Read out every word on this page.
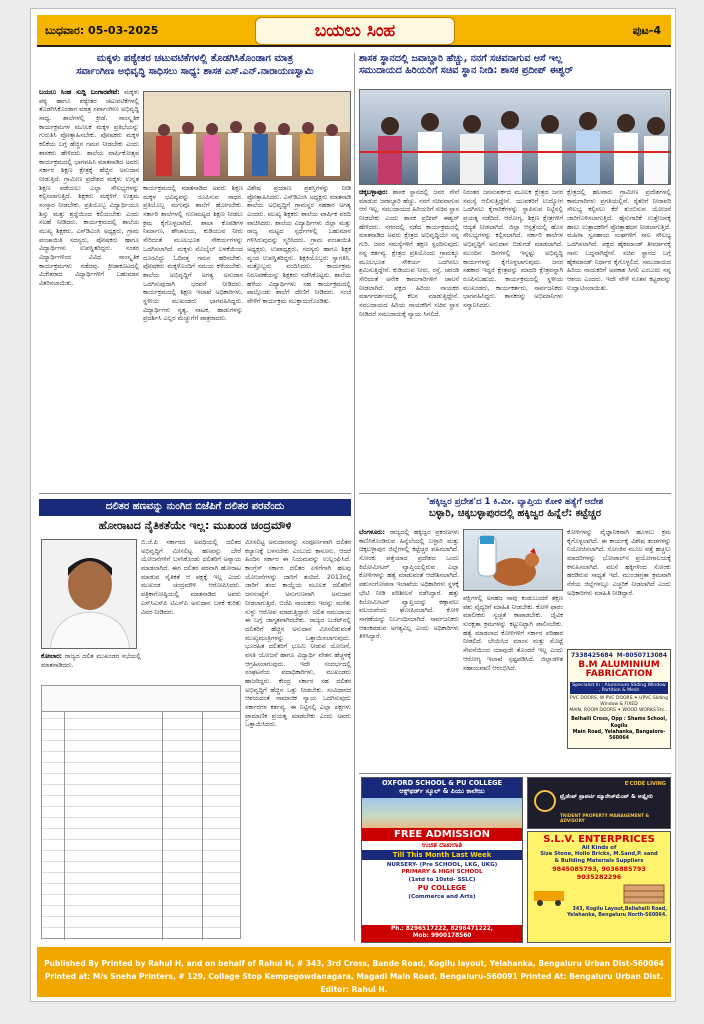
ಬುಧವಾರ: 05-03-2025	ಬಯಲು ಸಿಂಹ	ಪುಟ-4
ಮಕ್ಕಳು ಪಠ್ಯೇತರ ಚಟುವಟಿಕೆಗಳಲ್ಲಿ ತೊಡಗಿಸಿಕೊಂಡಾಗ ಮಾತ್ರ
ಸರ್ವಾಂಗೀಣ ಅಭಿವೃದ್ಧಿ ಸಾಧಿಸಲು ಸಾಧ್ಯ: ಶಾಸಕ ಎಸ್.ಎನ್.ನಾರಾಯಣಸ್ವಾಮಿ
ಬಯಲು ಸಿಂಹ ಸುದ್ದಿ ಬಂಗಾರಪೇಟೆ: ಮಕ್ಕಳು ಪಠ್ಯ ಹಾಗೂ ಪಠ್ಯೇತರ ಚಟುವಟಿಕೆಗಳಲ್ಲಿ ತೊಡಗಿಸಿಕೊಂಡಾಗ ಮಾತ್ರ ಸರ್ವಾಂಗೀಣ ಅಭಿವೃದ್ಧಿ ಸಾಧ್ಯ. ಶಾಲೆಗಳಲ್ಲಿ ಕ್ರೀಡೆ, ಸಾಂಸ್ಕೃತಿಕ ಕಾರ್ಯಕ್ರಮಗಳ ಮೂಲಕ ಮಕ್ಕಳ ಪ್ರತಿಭೆಯನ್ನು ಗುರುತಿಸಿ ಪ್ರೋತ್ಸಾಹಿಸಬೇಕು. ಪೋಷಕರು ಮಕ್ಕಳ ಕಲಿಕೆಯ ಬಗ್ಗೆ ಹೆಚ್ಚಿನ ಗಮನ ನೀಡಬೇಕು ಎಂದು ಶಾಸಕರು ಹೇಳಿದರು. ಶಾಲೆಯ ವಾರ್ಷಿಕೋತ್ಸವ ಕಾರ್ಯಕ್ರಮದಲ್ಲಿ ಭಾಗವಹಿಸಿ ಮಾತನಾಡಿದ ಅವರು ಸರ್ಕಾರ ಶಿಕ್ಷಣ ಕ್ಷೇತ್ರಕ್ಕೆ ಹೆಚ್ಚಿನ ಅನುದಾನ ನೀಡುತ್ತಿದೆ. ಗ್ರಾಮೀಣ ಪ್ರದೇಶದ ಮಕ್ಕಳು ಉನ್ನತ ಶಿಕ್ಷಣ ಪಡೆಯಲು ಎಲ್ಲಾ ಸೌಲಭ್ಯಗಳನ್ನು ಕಲ್ಪಿಸಲಾಗುತ್ತಿದೆ. ಶಿಕ್ಷಕರು ಮಕ್ಕಳಿಗೆ ಉತ್ತಮ ಸಂಸ್ಕಾರ ನೀಡಬೇಕು. ಪ್ರತಿಯೊಬ್ಬ ವಿದ್ಯಾರ್ಥಿಯೂ ಶಿಸ್ತು ಮತ್ತು ಶ್ರದ್ಧೆಯಿಂದ ಕಲಿಯಬೇಕು ಎಂದು ಸಲಹೆ ನೀಡಿದರು. ಕಾರ್ಯಕ್ರಮದಲ್ಲಿ ಶಾಲೆಯ ಮುಖ್ಯ ಶಿಕ್ಷಕರು, ಎಸ್‌ಡಿಎಂಸಿ ಅಧ್ಯಕ್ಷರು, ಗ್ರಾಮ ಪಂಚಾಯಿತಿ ಸದಸ್ಯರು, ಪೋಷಕರು ಹಾಗೂ ವಿದ್ಯಾರ್ಥಿಗಳು ಉಪಸ್ಥಿತರಿದ್ದರು. ನಂತರ ವಿದ್ಯಾರ್ಥಿಗಳಿಂದ ವಿವಿಧ ಸಾಂಸ್ಕೃತಿಕ ಕಾರ್ಯಕ್ರಮಗಳು ನಡೆದವು. ಕ್ರೀಡಾಕೂಟದಲ್ಲಿ ವಿಜೇತರಾದ ವಿದ್ಯಾರ್ಥಿಗಳಿಗೆ ಬಹುಮಾನ ವಿತರಿಸಲಾಯಿತು.
ಕಾರ್ಯಕ್ರಮದಲ್ಲಿ ಮಾತನಾಡಿದ ಅವರು ಶಿಕ್ಷಣ ಮಕ್ಕಳ ಭವಿಷ್ಯವನ್ನು ರೂಪಿಸುವ ಸಾಧನ. ಪ್ರತಿಯೊಬ್ಬ ಮಗುವೂ ಶಾಲೆಗೆ ಹೋಗಬೇಕು. ಸರ್ಕಾರಿ ಶಾಲೆಗಳಲ್ಲಿ ಗುಣಮಟ್ಟದ ಶಿಕ್ಷಣ ನೀಡಲು ಕ್ರಮ ಕೈಗೊಳ್ಳಲಾಗಿದೆ. ಶಾಲಾ ಕೊಠಡಿಗಳ ನಿರ್ಮಾಣ, ಶೌಚಾಲಯ, ಕುಡಿಯುವ ನೀರು ಸೇರಿದಂತೆ ಮೂಲಭೂತ ಸೌಕರ್ಯಗಳನ್ನು ಒದಗಿಸಲಾಗಿದೆ. ಮಕ್ಕಳು ಮೊಬೈಲ್ ಬಳಕೆಯಿಂದ ದೂರವಿದ್ದು ಓದಿನತ್ತ ಗಮನ ಹರಿಸಬೇಕು. ಪೋಷಕರು ಮಕ್ಕಳೊಂದಿಗೆ ಸಮಯ ಕಳೆಯಬೇಕು. ಶಾಲೆಯ ಅಭಿವೃದ್ಧಿಗೆ ಅಗತ್ಯ ಅನುದಾನ ಒದಗಿಸುವುದಾಗಿ ಭರವಸೆ ನೀಡಿದರು. ಕಾರ್ಯಕ್ರಮದಲ್ಲಿ ಶಿಕ್ಷಣ ಇಲಾಖೆ ಅಧಿಕಾರಿಗಳು, ಸ್ಥಳೀಯ ಮುಖಂಡರು ಭಾಗವಹಿಸಿದ್ದರು. ವಿದ್ಯಾರ್ಥಿಗಳು ನೃತ್ಯ, ನಾಟಕ, ಹಾಡುಗಳನ್ನು ಪ್ರದರ್ಶಿಸಿ ಎಲ್ಲರ ಮೆಚ್ಚುಗೆಗೆ ಪಾತ್ರರಾದರು.
ವಿಶೇಷ ಪ್ರಯಾಣ ಪ್ರಶಸ್ತಿಗಳನ್ನು ನೀಡಿ ಪ್ರೋತ್ಸಾಹಿಸಿದರು. ಎಸ್‌ಡಿಎಂಸಿ ಅಧ್ಯಕ್ಷರು ಮಾತನಾಡಿ ಶಾಲೆಯ ಅಭಿವೃದ್ಧಿಗೆ ಗ್ರಾಮಸ್ಥರ ಸಹಕಾರ ಅಗತ್ಯ ಎಂದರು. ಮುಖ್ಯ ಶಿಕ್ಷಕರು ಶಾಲೆಯ ವಾರ್ಷಿಕ ವರದಿ ವಾಚಿಸಿದರು. ಶಾಲೆಯ ವಿದ್ಯಾರ್ಥಿಗಳು ಜಿಲ್ಲಾ ಮತ್ತು ರಾಜ್ಯ ಮಟ್ಟದ ಸ್ಪರ್ಧೆಗಳಲ್ಲಿ ಬಹುಮಾನ ಗಳಿಸಿರುವುದನ್ನು ಸ್ಮರಿಸಿದರು. ಗ್ರಾಮ ಪಂಚಾಯಿತಿ ಅಧ್ಯಕ್ಷರು, ಉಪಾಧ್ಯಕ್ಷರು, ಸದಸ್ಯರು ಹಾಗೂ ಶಿಕ್ಷಕ ವೃಂದ ಉಪಸ್ಥಿತರಿದ್ದರು. ಶಿಕ್ಷಕಿಯೊಬ್ಬರು ಸ್ವಾಗತಿಸಿ, ಮತ್ತೊಬ್ಬರು ವಂದಿಸಿದರು. ಕಾರ್ಯಕ್ರಮ ನಿರೂಪಣೆಯನ್ನು ಶಿಕ್ಷಕರು ನಡೆಸಿಕೊಟ್ಟರು. ಶಾಲೆಯ ಹಳೆಯ ವಿದ್ಯಾರ್ಥಿಗಳು ಸಹ ಕಾರ್ಯಕ್ರಮದಲ್ಲಿ ಪಾಲ್ಗೊಂಡು ಶಾಲೆಗೆ ದೇಣಿಗೆ ನೀಡಿದರು. ಸಂಜೆ ವೇಳೆಗೆ ಕಾರ್ಯಕ್ರಮ ಮುಕ್ತಾಯಗೊಂಡಿತು.
ದಲಿತರ ಹಣವನ್ನು ನುಂಗಿದ ಬಿಜೆಪಿಗೆ ದಲಿತರ ಪರವೆಂದು
ಹೋರಾಟದ ನೈತಿಕತೆಯೇ ಇಲ್ಲ: ಮುಖಂಡ ಚಂದ್ರಮೌಳಿ
ಬಿ.ಜೆ.ಪಿ ಸರ್ಕಾರದ ಅವಧಿಯಲ್ಲಿ ದಲಿತರ ಅಭಿವೃದ್ಧಿಗೆ ಮೀಸಲಿಟ್ಟ ಹಣವನ್ನು ಬೇರೆ ಯೋಜನೆಗಳಿಗೆ ಬಳಸಿಕೊಂಡು ದಲಿತರಿಗೆ ಅನ್ಯಾಯ ಮಾಡಲಾಗಿದೆ. ಈಗ ದಲಿತರ ಪರವಾಗಿ ಹೋರಾಟ ಮಾಡುವ ನೈತಿಕತೆ ಆ ಪಕ್ಷಕ್ಕೆ ಇಲ್ಲ ಎಂದು ಮುಖಂಡ ಚಂದ್ರಮೌಳಿ ಆರೋಪಿಸಿದರು. ಪತ್ರಿಕಾಗೋಷ್ಠಿಯಲ್ಲಿ ಮಾತನಾಡಿದ ಅವರು ಎಸ್‌ಸಿಎಸ್‌ಪಿ ಟಿಎಸ್‌ಪಿ ಅನುದಾನ ಬಳಕೆ ಕುರಿತು ವಿವರ ನೀಡಿದರು.
ಮೀಸಲಿಟ್ಟ ಅನುದಾನವನ್ನು ಸಂಪೂರ್ಣವಾಗಿ ದಲಿತರ ಕಲ್ಯಾಣಕ್ಕೆ ಬಳಸಬೇಕು ಎಂಬುದು ಕಾನೂನು. ಆದರೆ ಹಿಂದಿನ ಸರ್ಕಾರ ಈ ನಿಯಮವನ್ನು ಉಲ್ಲಂಘಿಸಿದೆ. ಕಾಂಗ್ರೆಸ್ ಸರ್ಕಾರ ದಲಿತರ ಏಳಿಗೆಗಾಗಿ ಹಲವು ಯೋಜನೆಗಳನ್ನು ಜಾರಿಗೆ ತಂದಿದೆ. 2013ರಲ್ಲಿ ಜಾರಿಗೆ ತಂದ ಕಾಯ್ದೆಯ ಮೂಲಕ ದಲಿತರಿಗೆ ಜನಸಂಖ್ಯೆಗೆ ಅನುಗುಣವಾಗಿ ಅನುದಾನ ನೀಡಲಾಗುತ್ತಿದೆ. ಬಿಜೆಪಿ ನಾಯಕರು ಇದನ್ನು ಮರೆತು ಸುಳ್ಳು ಆರೋಪ ಮಾಡುತ್ತಿದ್ದಾರೆ. ದಲಿತ ಸಮುದಾಯ ಈ ಬಗ್ಗೆ ಜಾಗೃತವಾಗಿರಬೇಕು. ರಾಜ್ಯದ ಬಜೆಟ್‌ನಲ್ಲಿ ದಲಿತರಿಗೆ ಹೆಚ್ಚಿನ ಅನುದಾನ ಮೀಸಲಿಡುವಂತೆ ಮುಖ್ಯಮಂತ್ರಿಗಳನ್ನು ಒತ್ತಾಯಿಸಲಾಗುವುದು. ಭೂರಹಿತ ದಲಿತರಿಗೆ ಭೂಮಿ ನೀಡುವ ಯೋಜನೆ, ವಸತಿ ಯೋಜನೆ ಹಾಗೂ ವಿದ್ಯಾರ್ಥಿ ವೇತನ ಹೆಚ್ಚಳಕ್ಕೆ ಆಗ್ರಹಿಸಲಾಗುವುದು. ಇದೇ ಸಂದರ್ಭದಲ್ಲಿ ಸಂಘಟನೆಯ ಪದಾಧಿಕಾರಿಗಳು, ಮುಖಂಡರು ಹಾಜರಿದ್ದರು. ಕೇಂದ್ರ ಸರ್ಕಾರ ಸಹ ದಲಿತರ ಅಭಿವೃದ್ಧಿಗೆ ಹೆಚ್ಚಿನ ಒತ್ತು ನೀಡಬೇಕು. ಸಂವಿಧಾನದ ಆಶಯದಂತೆ ಸಾಮಾಜಿಕ ನ್ಯಾಯ ಒದಗಿಸುವುದು ಸರ್ಕಾರಗಳ ಕರ್ತವ್ಯ. ಈ ನಿಟ್ಟಿನಲ್ಲಿ ಎಲ್ಲಾ ಪಕ್ಷಗಳು ಪ್ರಾಮಾಣಿಕ ಪ್ರಯತ್ನ ಮಾಡಬೇಕು ಎಂದು ಅವರು ಒತ್ತಾಯಿಸಿದರು.
ಕೋಲಾರ: ರಾಜ್ಯದ ದಲಿತ ಮುಖಂಡರ ಸಭೆಯಲ್ಲಿ ಮಾತನಾಡಿದರು.
ಶಾಸಕ ಸ್ಥಾನದಲ್ಲಿ ಜವಾಬ್ದಾರಿ ಹೆಚ್ಚು, ನನಗೆ ಸಚಿವನಾಗುವ ಆಸೆ ಇಲ್ಲ
ಸಮುದಾಯದ ಹಿರಿಯರಿಗೆ ಸಚಿವ ಸ್ಥಾನ ನೀಡಿ: ಶಾಸಕ ಪ್ರದೀಪ್ ಈಶ್ವರ್
ಚಿಕ್ಕಬಳ್ಳಾಪುರ: ಶಾಸಕ ಸ್ಥಾನದಲ್ಲಿ ಜನರ ಸೇವೆ ಮಾಡುವ ಜವಾಬ್ದಾರಿ ಹೆಚ್ಚು. ನನಗೆ ಸಚಿವನಾಗುವ ಆಸೆ ಇಲ್ಲ. ಸಮುದಾಯದ ಹಿರಿಯರಿಗೆ ಸಚಿವ ಸ್ಥಾನ ನೀಡಬೇಕು ಎಂದು ಶಾಸಕ ಪ್ರದೀಪ್ ಈಶ್ವರ್ ಹೇಳಿದರು. ನಗರದಲ್ಲಿ ನಡೆದ ಕಾರ್ಯಕ್ರಮದಲ್ಲಿ ಮಾತನಾಡಿದ ಅವರು ಕ್ಷೇತ್ರದ ಅಭಿವೃದ್ಧಿಯೇ ನನ್ನ ಗುರಿ. ಜನರ ಸಮಸ್ಯೆಗಳಿಗೆ ತಕ್ಷಣ ಸ್ಪಂದಿಸುವುದು ನನ್ನ ಕರ್ತವ್ಯ. ಕ್ಷೇತ್ರದ ಪ್ರತಿಯೊಂದು ಗ್ರಾಮಕ್ಕೂ ಮೂಲಭೂತ ಸೌಕರ್ಯ ಒದಗಿಸಲು ಶ್ರಮಿಸುತ್ತಿದ್ದೇನೆ. ಕುಡಿಯುವ ನೀರು, ರಸ್ತೆ, ಚರಂಡಿ ಸೇರಿದಂತೆ ಅನೇಕ ಕಾಮಗಾರಿಗಳಿಗೆ ಚಾಲನೆ ನೀಡಲಾಗಿದೆ. ಪಕ್ಷದ ಹಿರಿಯ ನಾಯಕರ ಮಾರ್ಗದರ್ಶನದಲ್ಲಿ ಕೆಲಸ ಮಾಡುತ್ತಿದ್ದೇನೆ. ಸಮುದಾಯದ ಹಿರಿಯ ನಾಯಕರಿಗೆ ಸಚಿವ ಸ್ಥಾನ ನೀಡಿದರೆ ಸಮುದಾಯಕ್ಕೆ ನ್ಯಾಯ ಸಿಗಲಿದೆ.
ನಿರಂತರ ಜನಸಂಪರ್ಕದ ಮೂಲಕ ಕ್ಷೇತ್ರದ ಜನರ ಸಮಸ್ಯೆ ಆಲಿಸುತ್ತಿದ್ದೇನೆ. ಯುವಕರಿಗೆ ಉದ್ಯೋಗ ಒದಗಿಸಲು ಕೈಗಾರಿಕೆಗಳನ್ನು ಸ್ಥಾಪಿಸುವ ನಿಟ್ಟಿನಲ್ಲಿ ಪ್ರಯತ್ನ ನಡೆದಿದೆ. ಆರೋಗ್ಯ, ಶಿಕ್ಷಣ ಕ್ಷೇತ್ರಗಳಿಗೆ ಆದ್ಯತೆ ನೀಡಲಾಗಿದೆ. ಜಿಲ್ಲಾ ಆಸ್ಪತ್ರೆಯಲ್ಲಿ ಹೊಸ ಸೌಲಭ್ಯಗಳನ್ನು ಕಲ್ಪಿಸಲಾಗಿದೆ. ಸರ್ಕಾರಿ ಶಾಲೆಗಳ ಅಭಿವೃದ್ಧಿಗೆ ಅನುದಾನ ಬಿಡುಗಡೆ ಮಾಡಲಾಗಿದೆ. ಮುಂದಿನ ದಿನಗಳಲ್ಲಿ ಇನ್ನಷ್ಟು ಅಭಿವೃದ್ಧಿ ಕಾರ್ಯಗಳನ್ನು ಕೈಗೊಳ್ಳಲಾಗುವುದು. ಜನರ ಸಹಕಾರ ಇದ್ದರೆ ಕ್ಷೇತ್ರವನ್ನು ಮಾದರಿ ಕ್ಷೇತ್ರವನ್ನಾಗಿ ರೂಪಿಸಬಹುದು. ಕಾರ್ಯಕ್ರಮದಲ್ಲಿ ಸ್ಥಳೀಯ ಮುಖಂಡರು, ಕಾರ್ಯಕರ್ತರು, ಸಾರ್ವಜನಿಕರು ಭಾಗವಹಿಸಿದ್ದರು. ಶಾಸಕರನ್ನು ಅಭಿಮಾನಿಗಳು ಸನ್ಮಾನಿಸಿದರು.
ಕ್ಷೇತ್ರದಲ್ಲಿ ಹಲವಾರು ಗ್ರಾಮೀಣ ಪ್ರದೇಶಗಳಲ್ಲಿ ಕಾಮಗಾರಿಗಳು ಪ್ರಗತಿಯಲ್ಲಿವೆ. ರೈತರಿಗೆ ನೀರಾವರಿ ಸೌಲಭ್ಯ ಕಲ್ಪಿಸಲು ಕೆರೆ ತುಂಬಿಸುವ ಯೋಜನೆ ಜಾರಿಗೊಳಿಸಲಾಗುತ್ತಿದೆ. ಹೈನುಗಾರಿಕೆ ಉತ್ತೇಜನಕ್ಕೆ ಹಾಲು ಉತ್ಪಾದಕರಿಗೆ ಪ್ರೋತ್ಸಾಹಧನ ನೀಡಲಾಗುತ್ತಿದೆ. ಮಹಿಳಾ ಸ್ವಸಹಾಯ ಸಂಘಗಳಿಗೆ ಸಾಲ ಸೌಲಭ್ಯ ಒದಗಿಸಲಾಗಿದೆ. ಪಕ್ಷದ ಹೈಕಮಾಂಡ್ ತೀರ್ಮಾನಕ್ಕೆ ನಾನು ಬದ್ಧನಾಗಿದ್ದೇನೆ. ಸಚಿವ ಸ್ಥಾನದ ಬಗ್ಗೆ ಹೈಕಮಾಂಡ್ ನಿರ್ಧಾರ ಕೈಗೊಳ್ಳಲಿದೆ. ಸಮುದಾಯದ ಹಿರಿಯ ನಾಯಕರಿಗೆ ಅವಕಾಶ ಸಿಗಲಿ ಎಂಬುದು ನನ್ನ ಆಶಯ ಎಂದರು. ಇದೇ ವೇಳೆ ನೂತನ ಕಟ್ಟಡವನ್ನು ಉದ್ಘಾಟಿಸಲಾಯಿತು.
'ಹಕ್ಕಿಜ್ವರ ಪ್ರದೇಶ'ದ 1 ಕಿ.ಮೀ. ವ್ಯಾಪ್ತಿಯ ಕೋಳಿ ಹತ್ಯೆಗೆ ಆದೇಶ
ಬಳ್ಳಾರಿ, ಚಿಕ್ಕಬಳ್ಳಾಪುರದಲ್ಲಿ ಹಕ್ಕಿಜ್ವರ ಹಿನ್ನೆಲೆ: ಕಟ್ಟೆಚ್ಚರ
ಬೆಂಗಳೂರು: ರಾಜ್ಯದಲ್ಲಿ ಹಕ್ಕಿಜ್ವರ ಪ್ರಕರಣಗಳು ಕಾಣಿಸಿಕೊಂಡಿರುವ ಹಿನ್ನೆಲೆಯಲ್ಲಿ ಬಳ್ಳಾರಿ ಮತ್ತು ಚಿಕ್ಕಬಳ್ಳಾಪುರ ಜಿಲ್ಲೆಗಳಲ್ಲಿ ಕಟ್ಟೆಚ್ಚರ ವಹಿಸಲಾಗಿದೆ. ಸೋಂಕು ಪತ್ತೆಯಾದ ಪ್ರದೇಶದ ಒಂದು ಕಿಲೋಮೀಟರ್ ವ್ಯಾಪ್ತಿಯಲ್ಲಿರುವ ಎಲ್ಲಾ ಕೋಳಿಗಳನ್ನು ಹತ್ಯೆ ಮಾಡುವಂತೆ ಆದೇಶಿಸಲಾಗಿದೆ. ಪಶುಸಂಗೋಪನಾ ಇಲಾಖೆಯ ಅಧಿಕಾರಿಗಳು ಸ್ಥಳಕ್ಕೆ ಭೇಟಿ ನೀಡಿ ಪರಿಶೀಲನೆ ನಡೆಸಿದ್ದಾರೆ. ಹತ್ತು ಕಿಲೋಮೀಟರ್ ವ್ಯಾಪ್ತಿಯನ್ನು ಕಣ್ಗಾವಲು ವಲಯವೆಂದು ಘೋಷಿಸಲಾಗಿದೆ. ಕೋಳಿ ಸಾಗಣೆಯನ್ನು ನಿರ್ಬಂಧಿಸಲಾಗಿದೆ. ಸಾರ್ವಜನಿಕರು ಆತಂಕಪಡುವ ಅಗತ್ಯವಿಲ್ಲ ಎಂದು ಅಧಿಕಾರಿಗಳು ತಿಳಿಸಿದ್ದಾರೆ.
ಪಕ್ಷಿಗಳಲ್ಲಿ ಅಸಹಜ ಸಾವು ಕಂಡುಬಂದರೆ ತಕ್ಷಣ ಪಶು ವೈದ್ಯರಿಗೆ ಮಾಹಿತಿ ನೀಡಬೇಕು. ಕೋಳಿ ಫಾರಂ ಮಾಲೀಕರು ಸ್ವಚ್ಛತೆ ಕಾಪಾಡಬೇಕು. ಜೈವಿಕ ಸುರಕ್ಷತಾ ಕ್ರಮಗಳನ್ನು ಕಟ್ಟುನಿಟ್ಟಾಗಿ ಪಾಲಿಸಬೇಕು. ಹತ್ಯೆ ಮಾಡಲಾದ ಕೋಳಿಗಳಿಗೆ ಸರ್ಕಾರ ಪರಿಹಾರ ನೀಡಲಿದೆ. ಬೇಯಿಸಿದ ಮಾಂಸ ಮತ್ತು ಮೊಟ್ಟೆ ಸೇವನೆಯಿಂದ ಯಾವುದೇ ತೊಂದರೆ ಇಲ್ಲ ಎಂದು ಆರೋಗ್ಯ ಇಲಾಖೆ ಸ್ಪಷ್ಟಪಡಿಸಿದೆ. ಜಿಲ್ಲಾಡಳಿತ ಸಹಾಯವಾಣಿ ಆರಂಭಿಸಿದೆ.
ಕೋಳಿಗಳನ್ನು ವೈಜ್ಞಾನಿಕವಾಗಿ ಹೂಳಲು ಕ್ರಮ ಕೈಗೊಳ್ಳಲಾಗಿದೆ. ಈ ಕಾರ್ಯಕ್ಕೆ ವಿಶೇಷ ತಂಡಗಳನ್ನು ನಿಯೋಜಿಸಲಾಗಿದೆ. ಸೋಂಕಿನ ಮೂಲ ಪತ್ತೆ ಹಚ್ಚಲು ಮಾದರಿಗಳನ್ನು ಭೋಪಾಲ್‌ನ ಪ್ರಯೋಗಾಲಯಕ್ಕೆ ಕಳುಹಿಸಲಾಗಿದೆ. ವಲಸೆ ಹಕ್ಕಿಗಳಿಂದ ಸೋಂಕು ಹರಡಿರುವ ಸಾಧ್ಯತೆ ಇದೆ. ಮುಂಜಾಗ್ರತಾ ಕ್ರಮವಾಗಿ ನೆರೆಯ ಜಿಲ್ಲೆಗಳಲ್ಲೂ ಎಚ್ಚರಿಕೆ ನೀಡಲಾಗಿದೆ ಎಂದು ಅಧಿಕಾರಿಗಳು ಮಾಹಿತಿ ನೀಡಿದ್ದಾರೆ.
7338425684 M-8050713084
B.M ALUMINIUM
FABRICATION
Specialist In : Aluminium Sliding Window , Partition & Mesh
PVC DOORS, W PVC DOORS ✦ UPVC Sliding Window & FIXED
MAIN, ROOM DOORS ✦ WOOD WORKS Etc...
Belhalli Cross, Opp : Shams School, Kogilu
Main Road, Yelahanka, Bangalore-560064
OXFORD SCHOOL & PU COLLEGE
ಆಕ್ಸ್‌ಫರ್ಡ್ ಸ್ಕೂಲ್ & ಪಿಯು ಕಾಲೇಜು
FREE ADMISSION
ಉಚಿತ ದಾಖಲಾತಿ
Till This Month Last Week
NURSERY- (Pre SCHOOL, LKG, UKG)
PRIMARY & HIGH SCHOOL
(1std to 10std- SSLC)
PU COLLEGE
(Commerce and Arts)
Ph.: 8296517222, 8296471222,
Mob: 9900178560
E'CODE LIVING
ಟ್ರೈಡೆಂಟ್ ಪ್ರಾಪರ್ಟಿ ಮ್ಯಾನೇಜ್‌ಮೆಂಟ್ & ಅಡ್ವೈಸರಿ
TRIDENT PROPERTY MANAGEMENT & ADVISORY
S.L.V. ENTERPRICES
All Kinds of
Size Stone, Hollo Bricks, M.Sand,P. sand
& Building Materials Suppliers
9845085793, 9036885793
9035282296
343, Kogilu Layout,Bellahalli Road,
Yelahanka, Bengaluru North-560064.
Published By Printed by Rahul H, and on behalf of Rahul H, # 343, 3rd Cross, Bande Road, Kogilu layout, Yelahanka, Bengaluru Urban Dist-560064
Printed at: M/s Sneha Printers, # 129, Collage Stop Kempegowdanagara, Magadi Main Road, Bengaluru-560091 Printed At: Bengaluru Urban Dist. Editor: Rahul H.
